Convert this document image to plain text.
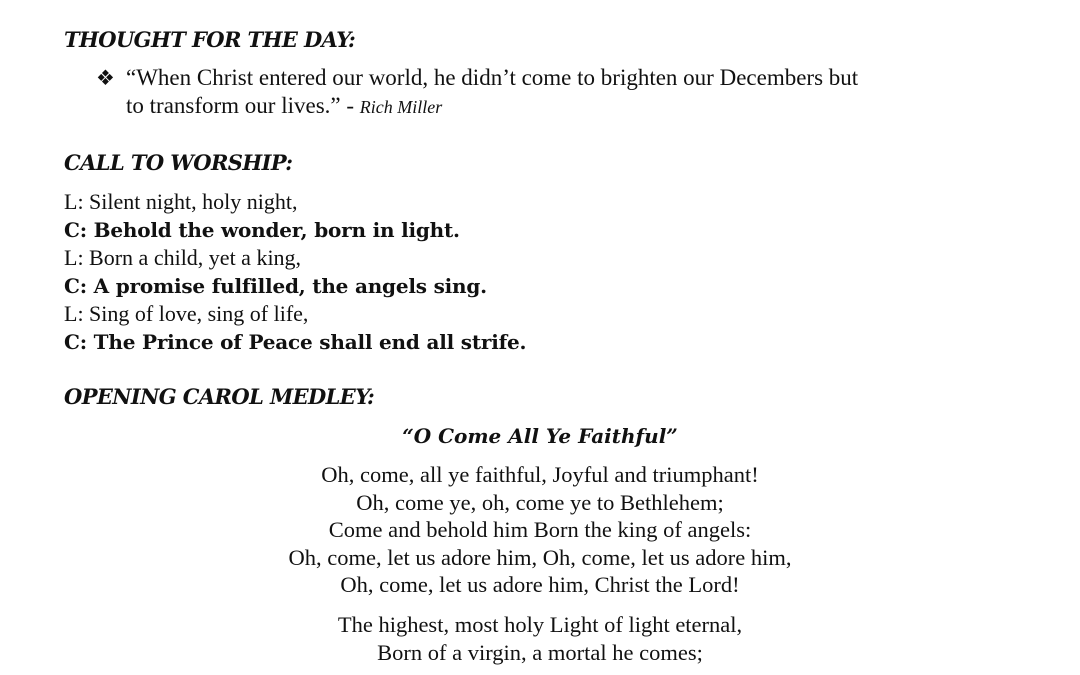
THOUGHT FOR THE DAY:
❖ “When Christ entered our world, he didn’t come to brighten our Decembers but
to transform our lives.” - Rich Miller
CALL TO WORSHIP:
L: Silent night, holy night,
C: Behold the wonder, born in light.
L: Born a child, yet a king,
C: A promise fulfilled, the angels sing.
L: Sing of love, sing of life,
C: The Prince of Peace shall end all strife.
OPENING CAROL MEDLEY:
“O Come All Ye Faithful”
Oh, come, all ye faithful, Joyful and triumphant!
Oh, come ye, oh, come ye to Bethlehem;
Come and behold him Born the king of angels:
Oh, come, let us adore him, Oh, come, let us adore him,
Oh, come, let us adore him, Christ the Lord!
The highest, most holy Light of light eternal,
Born of a virgin, a mortal he comes;
